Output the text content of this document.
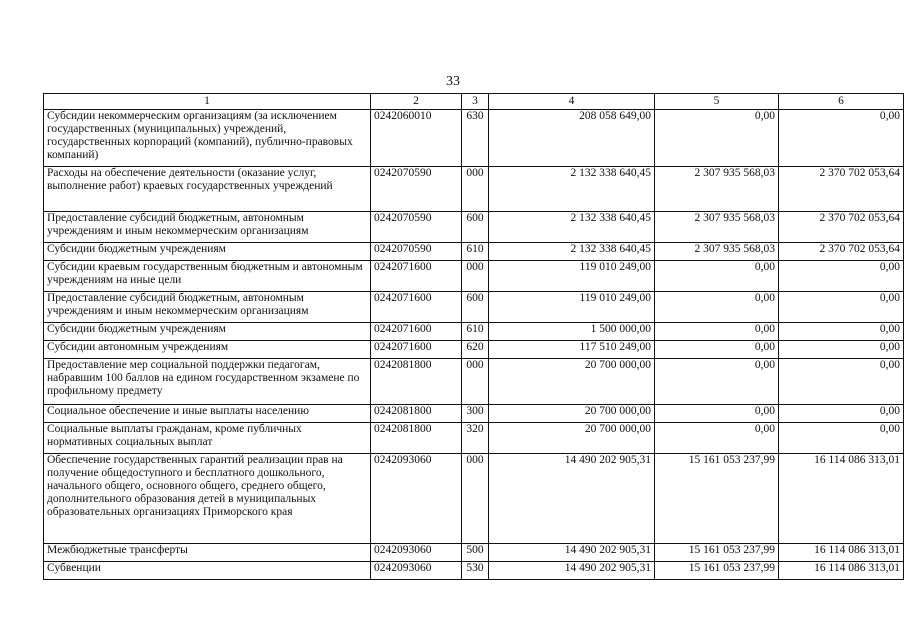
33
1	2	3	4	5	6
Субсидии некоммерческим организациям (за исключением государственных (муниципальных) учреждений, государственных корпораций (компаний), публично-правовых компаний)	0242060010	630	208 058 649,00	0,00	0,00
Расходы на обеспечение деятельности (оказание услуг, выполнение работ) краевых государственных учреждений	0242070590	000	2 132 338 640,45	2 307 935 568,03	2 370 702 053,64
Предоставление субсидий бюджетным, автономным учреждениям и иным некоммерческим организациям	0242070590	600	2 132 338 640,45	2 307 935 568,03	2 370 702 053,64
Субсидии бюджетным учреждениям	0242070590	610	2 132 338 640,45	2 307 935 568,03	2 370 702 053,64
Субсидии краевым государственным бюджетным и автономным учреждениям на иные цели	0242071600	000	119 010 249,00	0,00	0,00
Предоставление субсидий бюджетным, автономным учреждениям и иным некоммерческим организациям	0242071600	600	119 010 249,00	0,00	0,00
Субсидии бюджетным учреждениям	0242071600	610	1 500 000,00	0,00	0,00
Субсидии автономным учреждениям	0242071600	620	117 510 249,00	0,00	0,00
Предоставление мер социальной поддержки педагогам, набравшим 100 баллов на едином государственном экзамене по профильному предмету	0242081800	000	20 700 000,00	0,00	0,00
Социальное обеспечение и иные выплаты населению	0242081800	300	20 700 000,00	0,00	0,00
Социальные выплаты гражданам, кроме публичных нормативных социальных выплат	0242081800	320	20 700 000,00	0,00	0,00
Обеспечение государственных гарантий реализации прав на получение общедоступного и бесплатного дошкольного, начального общего, основного общего, среднего общего, дополнительного образования детей в муниципальных образовательных организациях Приморского края	0242093060	000	14 490 202 905,31	15 161 053 237,99	16 114 086 313,01
Межбюджетные трансферты	0242093060	500	14 490 202 905,31	15 161 053 237,99	16 114 086 313,01
Субвенции	0242093060	530	14 490 202 905,31	15 161 053 237,99	16 114 086 313,01
